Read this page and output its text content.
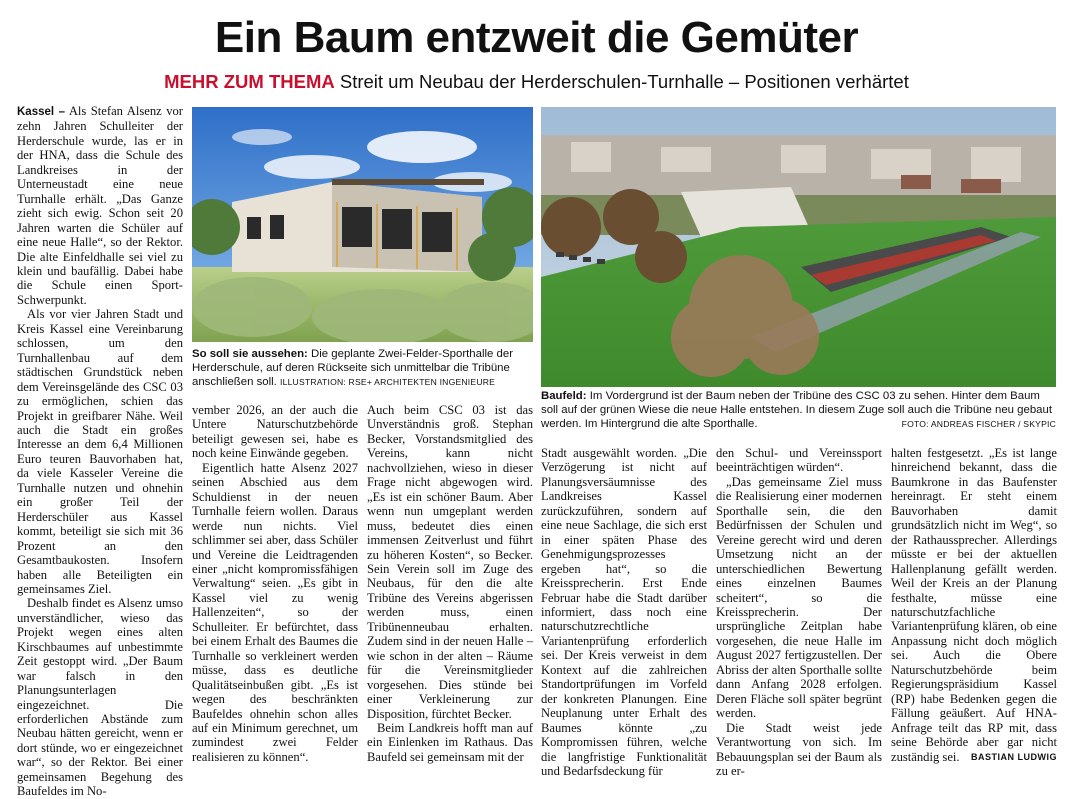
Ein Baum entzweit die Gemüter
MEHR ZUM THEMA Streit um Neubau der Herderschulen-Turnhalle – Positionen verhärtet
So soll sie aussehen: Die geplante Zwei-Felder-Sporthalle der Herderschule, auf deren Rückseite sich unmittelbar die Tribüne anschließen soll. ILLUSTRATION: RSE+ ARCHITEKTEN INGENIEURE
Baufeld: Im Vordergrund ist der Baum neben der Tribüne des CSC 03 zu sehen. Hinter dem Baum soll auf der grünen Wiese die neue Halle entstehen. In diesem Zuge soll auch die Tribüne neu gebaut werden. Im Hintergrund die alte Sporthalle.	FOTO: ANDREAS FISCHER / SKYPIC

Kassel – Als Stefan Alsenz vor zehn Jahren Schulleiter der Herderschule wurde, las er in der HNA, dass die Schule des Landkreises in der Unterneustadt eine neue Turnhalle erhält. „Das Ganze zieht sich ewig. Schon seit 20 Jahren warten die Schüler auf eine neue Halle“, so der Rektor. Die alte Einfeldhalle sei viel zu klein und baufällig. Dabei habe die Schule einen Sport-Schwerpunkt.

Als vor vier Jahren Stadt und Kreis Kassel eine Vereinbarung schlossen, um den Turnhallenbau auf dem städtischen Grundstück neben dem Vereinsgelände des CSC 03 zu ermöglichen, schien das Projekt in greifbarer Nähe. Weil auch die Stadt ein großes Interesse an dem 6,4 Millionen Euro teuren Bauvorhaben hat, da viele Kasseler Vereine die Turnhalle nutzen und ohnehin ein großer Teil der Herderschüler aus Kassel kommt, beteiligt sie sich mit 36 Prozent an den Gesamtbaukosten. Insofern haben alle Beteiligten ein gemeinsames Ziel.

Deshalb findet es Alsenz umso unverständlicher, wieso das Projekt wegen eines alten Kirschbaumes auf unbestimmte Zeit gestoppt wird. „Der Baum war falsch in den Planungsunterlagen eingezeichnet. Die erforderlichen Abstände zum Neubau hätten gereicht, wenn er dort stünde, wo er eingezeichnet war“, so der Rektor. Bei einer gemeinsamen Begehung des Baufeldes im No-

vember 2026, an der auch die Untere Naturschutzbehörde beteiligt gewesen sei, habe es noch keine Einwände gegeben.

Eigentlich hatte Alsenz 2027 seinen Abschied aus dem Schuldienst in der neuen Turnhalle feiern wollen. Daraus werde nun nichts. Viel schlimmer sei aber, dass Schüler und Vereine die Leidtragenden einer „nicht kompromissfähigen Verwaltung“ seien. „Es gibt in Kassel viel zu wenig Hallenzeiten“, so der Schulleiter. Er befürchtet, dass bei einem Erhalt des Baumes die Turnhalle so verkleinert werden müsse, dass es deutliche Qualitätseinbußen gibt. „Es ist wegen des beschränkten Baufeldes ohnehin schon alles auf ein Minimum gerechnet, um zumindest zwei Felder realisieren zu können“.

Auch beim CSC 03 ist das Unverständnis groß. Stephan Becker, Vorstandsmitglied des Vereins, kann nicht nachvollziehen, wieso in dieser Frage nicht abgewogen wird. „Es ist ein schöner Baum. Aber wenn nun umgeplant werden muss, bedeutet dies einen immensen Zeitverlust und führt zu höheren Kosten“, so Becker. Sein Verein soll im Zuge des Neubaus, für den die alte Tribüne des Vereins abgerissen werden muss, einen Tribünenneubau erhalten. Zudem sind in der neuen Halle – wie schon in der alten – Räume für die Vereinsmitglieder vorgesehen. Dies stünde bei einer Verkleinerung zur Disposition, fürchtet Becker.

Beim Landkreis hofft man auf ein Einlenken im Rathaus. Das Baufeld sei gemeinsam mit der

Stadt ausgewählt worden. „Die Verzögerung ist nicht auf Planungsversäumnisse des Landkreises Kassel zurückzuführen, sondern auf eine neue Sachlage, die sich erst in einer späten Phase des Genehmigungsprozesses ergeben hat“, so die Kreissprecherin. Erst Ende Februar habe die Stadt darüber informiert, dass noch eine naturschutzrechtliche Variantenprüfung erforderlich sei. Der Kreis verweist in dem Kontext auf die zahlreichen Standortprüfungen im Vorfeld der konkreten Planungen. Eine Neuplanung unter Erhalt des Baumes könnte „zu Kompromissen führen, welche die langfristige Funktionalität und Bedarfsdeckung für

den Schul- und Vereinssport beeinträchtigen würden“.

„Das gemeinsame Ziel muss die Realisierung einer modernen Sporthalle sein, die den Bedürfnissen der Schulen und Vereine gerecht wird und deren Umsetzung nicht an der unterschiedlichen Bewertung eines einzelnen Baumes scheitert“, so die Kreissprecherin. Der ursprüngliche Zeitplan habe vorgesehen, die neue Halle im August 2027 fertigzustellen. Der Abriss der alten Sporthalle sollte dann Anfang 2028 erfolgen. Deren Fläche soll später begrünt werden.

Die Stadt weist jede Verantwortung von sich. Im Bebauungsplan sei der Baum als zu er-

halten festgesetzt. „Es ist lange hinreichend bekannt, dass die Baumkrone in das Baufenster hereinragt. Er steht einem Bauvorhaben damit grundsätzlich nicht im Weg“, so der Rathaussprecher. Allerdings müsste er bei der aktuellen Hallenplanung gefällt werden. Weil der Kreis an der Planung festhalte, müsse eine naturschutzfachliche Variantenprüfung klären, ob eine Anpassung nicht doch möglich sei. Auch die Obere Naturschutzbehörde beim Regierungspräsidium Kassel (RP) habe Bedenken gegen die Fällung geäußert. Auf HNA-Anfrage teilt das RP mit, dass seine Behörde aber gar nicht zuständig sei. BASTIAN LUDWIG
